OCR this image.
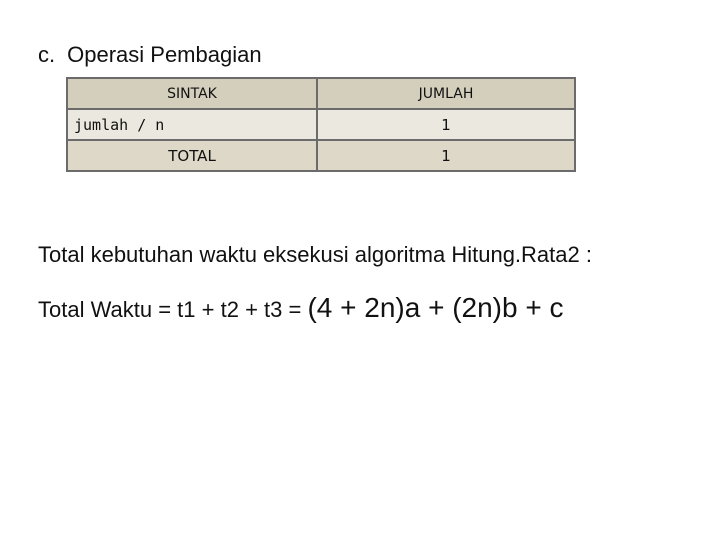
c. Operasi Pembagian
SINTAK	JUMLAH
jumlah / n	1
TOTAL	1
Total kebutuhan waktu eksekusi algoritma Hitung.Rata2 :
Total Waktu = t1 + t2 + t3 = (4 + 2n)a + (2n)b + c
